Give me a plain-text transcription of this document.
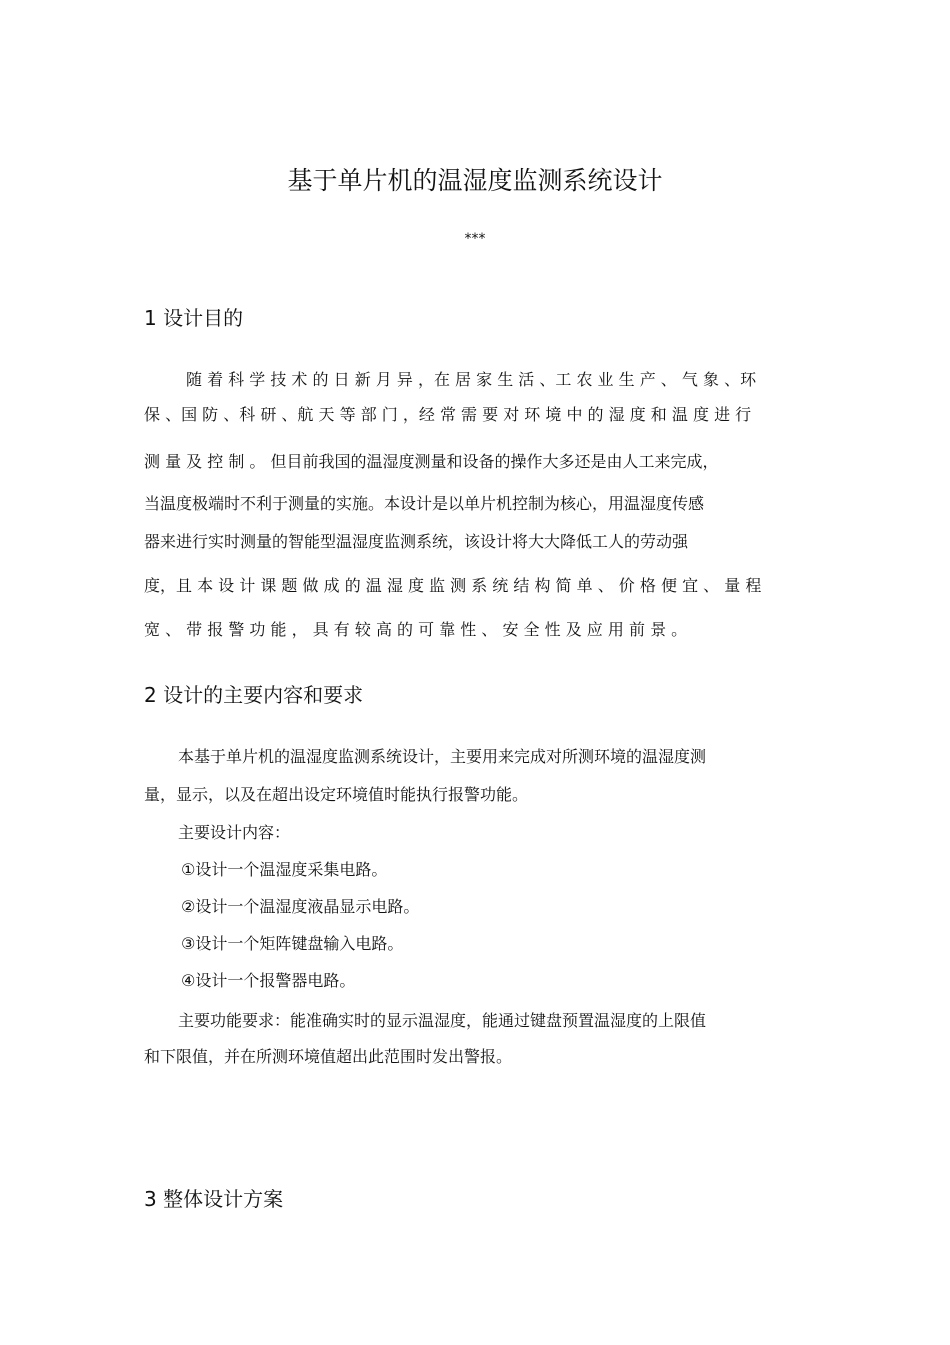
基于单片机的温湿度监测系统设计
***
1 设计目的
随 着 科 学 技 术 的 日 新 月 异 ，在 居 家 生 活 、工 农 业 生 产 、 气 象 、环
保 、国 防 、科 研 、航 天 等 部 门 ，经 常 需 要 对 环 境 中 的 湿 度 和 温 度 进 行
测 量 及 控 制 。 但目前我国的温湿度测量和设备的操作大多还是由人工来完成，
当温度极端时不利于测量的实施。本设计是以单片机控制为核心，用温湿度传感
器来进行实时测量的智能型温湿度监测系统，该设计将大大降低工人的劳动强
度，且 本 设 计 课 题 做 成 的 温 湿 度 监 测 系 统 结 构 简 单 、 价 格 便 宜 、 量 程
宽 、 带 报 警 功 能 ， 具 有 较 高 的 可 靠 性 、 安 全 性 及 应 用 前 景 。
2 设计的主要内容和要求
本基于单片机的温湿度监测系统设计，主要用来完成对所测环境的温湿度测
量，显示，以及在超出设定环境值时能执行报警功能。
主要设计内容：
①设计一个温湿度采集电路。
②设计一个温湿度液晶显示电路。
③设计一个矩阵键盘输入电路。
④设计一个报警器电路。
主要功能要求：能准确实时的显示温湿度，能通过键盘预置温湿度的上限值
和下限值，并在所测环境值超出此范围时发出警报。
3 整体设计方案
